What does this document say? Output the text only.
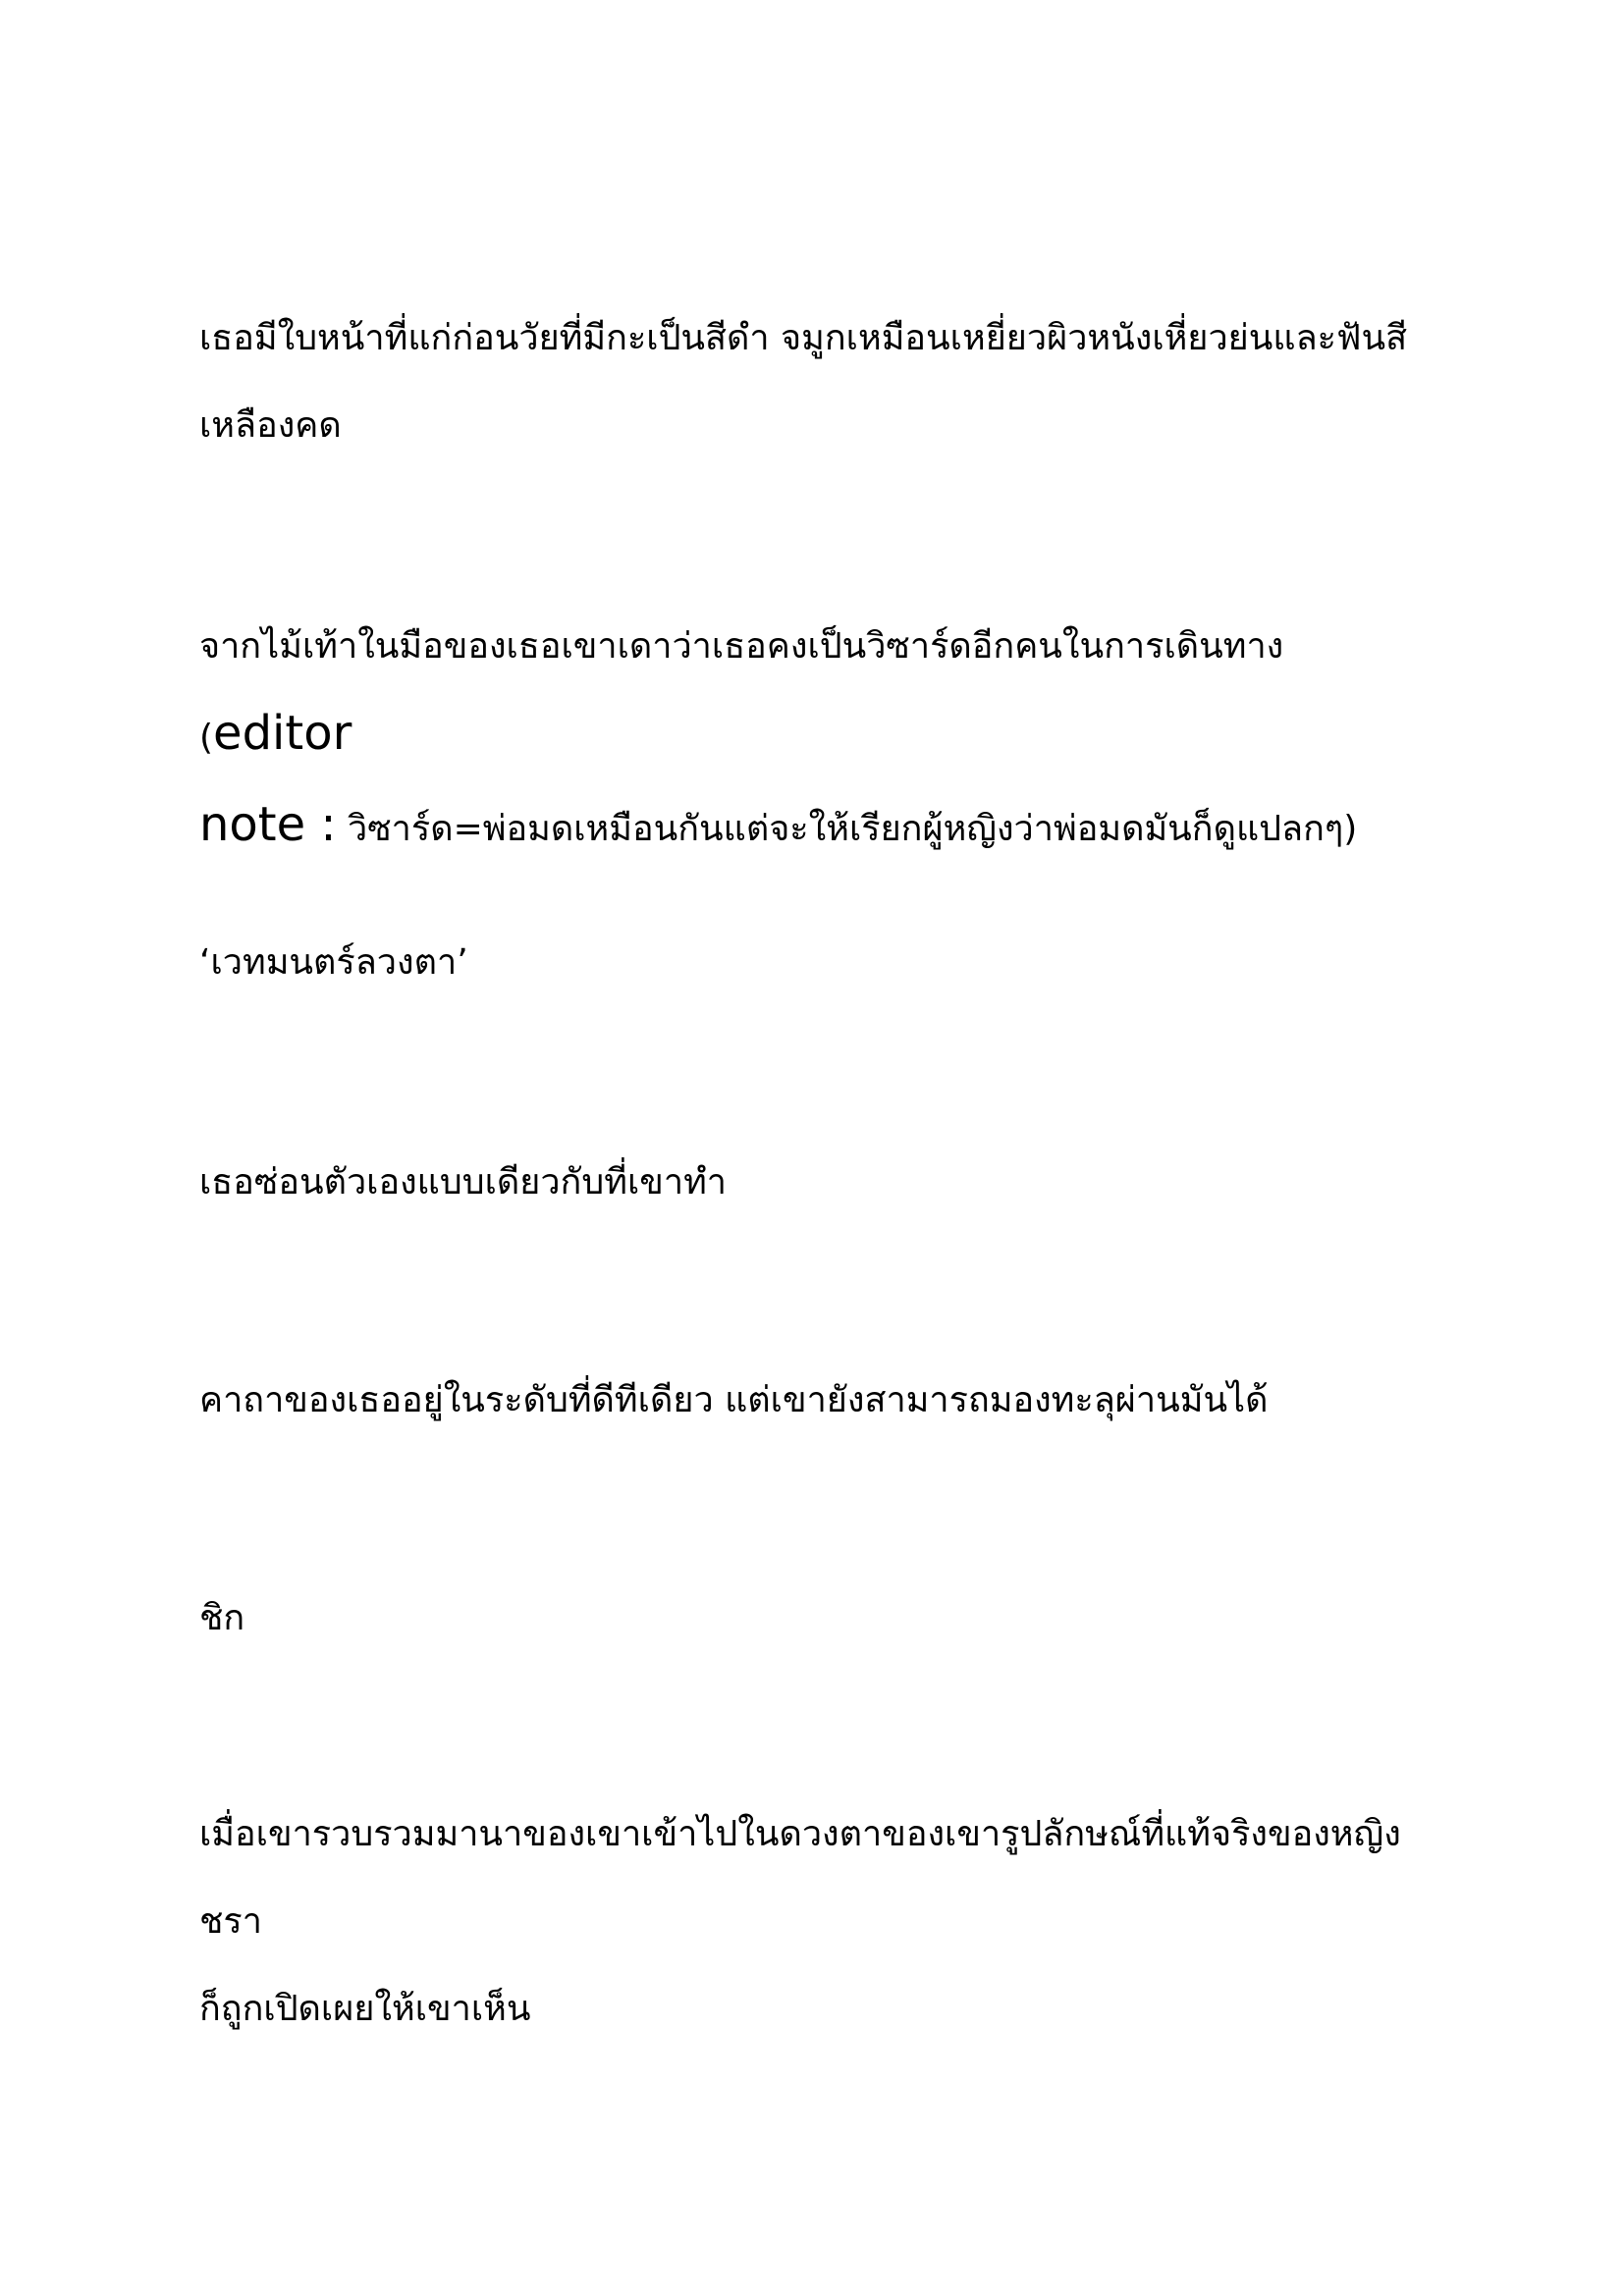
เธอมีใบหน้าที่แก่ก่อนวัยที่มีกะเป็นสีดำ จมูกเหมือนเหยี่ยวผิวหนังเหี่ยวย่นและฟันสี
เหลืองคด
จากไม้เท้าในมือของเธอเขาเดาว่าเธอคงเป็นวิซาร์ดอีกคนในการเดินทาง (editor
note : วิซาร์ด=พ่อมดเหมือนกันแต่จะให้เรียกผู้หญิงว่าพ่อมดมันก็ดูแปลกๆ)
‘เวทมนตร์ลวงตา’
เธอซ่อนตัวเองแบบเดียวกับที่เขาทำ
คาถาของเธออยู่ในระดับที่ดีทีเดียว แต่เขายังสามารถมองทะลุผ่านมันได้
ชิก
เมื่อเขารวบรวมมานาของเขาเข้าไปในดวงตาของเขารูปลักษณ์ที่แท้จริงของหญิงชรา
ก็ถูกเปิดเผยให้เขาเห็น
